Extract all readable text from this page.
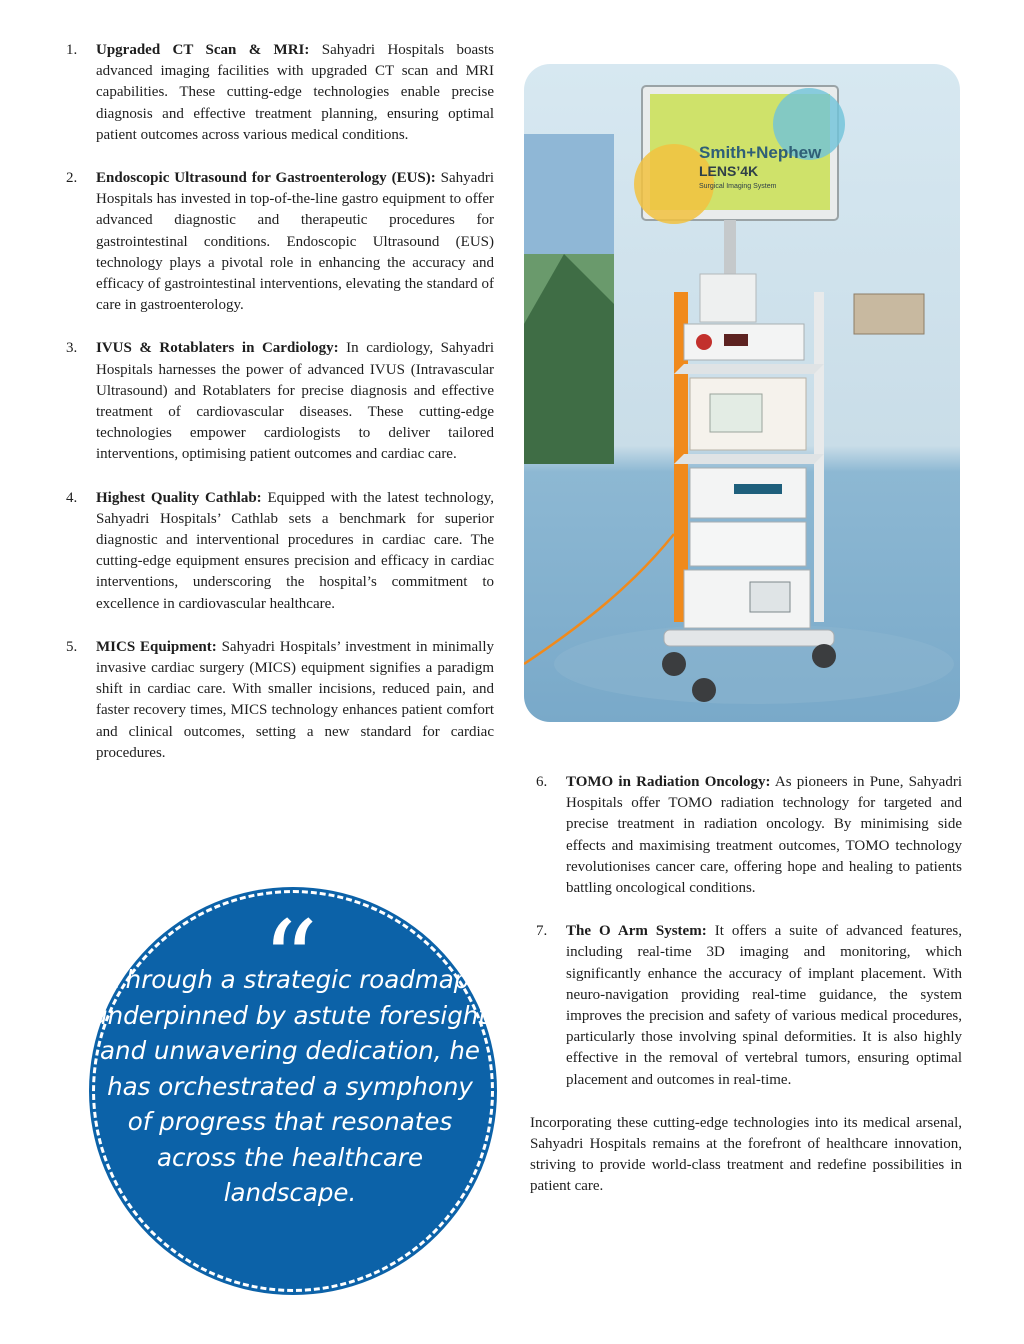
1. Upgraded CT Scan & MRI: Sahyadri Hospitals boasts advanced imaging facilities with upgraded CT scan and MRI capabilities. These cutting-edge technologies enable precise diagnosis and effective treatment planning, ensuring optimal patient outcomes across various medical conditions.

2. Endoscopic Ultrasound for Gastroenterology (EUS): Sahyadri Hospitals has invested in top-of-the-line gastro equipment to offer advanced diagnostic and therapeutic procedures for gastrointestinal conditions. Endoscopic Ultrasound (EUS) technology plays a pivotal role in enhancing the accuracy and efficacy of gastrointestinal interventions, elevating the standard of care in gastroenterology.

3. IVUS & Rotablaters in Cardiology: In cardiology, Sahyadri Hospitals harnesses the power of advanced IVUS (Intravascular Ultrasound) and Rotablaters for precise diagnosis and effective treatment of cardiovascular diseases. These cutting-edge technologies empower cardiologists to deliver tailored interventions, optimising patient outcomes and cardiac care.

4. Highest Quality Cathlab: Equipped with the latest technology, Sahyadri Hospitals’ Cathlab sets a benchmark for superior diagnostic and interventional procedures in cardiac care. The cutting-edge equipment ensures precision and efficacy in cardiac interventions, underscoring the hospital’s commitment to excellence in cardiovascular healthcare.

5. MICS Equipment: Sahyadri Hospitals’ investment in minimally invasive cardiac surgery (MICS) equipment signifies a paradigm shift in cardiac care. With smaller incisions, reduced pain, and faster recovery times, MICS technology enhances patient comfort and clinical outcomes, setting a new standard for cardiac procedures.

Smith+Nephew
LENS’4K
Surgical Imaging System
6. TOMO in Radiation Oncology: As pioneers in Pune, Sahyadri Hospitals offer TOMO radiation technology for targeted and precise treatment in radiation oncology. By minimising side effects and maximising treatment outcomes, TOMO technology revolutionises cancer care, offering hope and healing to patients battling oncological conditions.

7. The O Arm System: It offers a suite of advanced features, including real-time 3D imaging and monitoring, which significantly enhance the accuracy of implant placement. With neuro-navigation providing real-time guidance, the system improves the precision and safety of various medical procedures, particularly those involving spinal deformities. It is also highly effective in the removal of vertebral tumors, ensuring optimal placement and outcomes in real-time.

Incorporating these cutting-edge technologies into its medical arsenal, Sahyadri Hospitals remains at the forefront of healthcare innovation, striving to provide world-class treatment and redefine possibilities in patient care.

“
Through a strategic roadmap underpinned by astute foresight and unwavering dedication, he has orchestrated a symphony of progress that resonates across the healthcare landscape.
